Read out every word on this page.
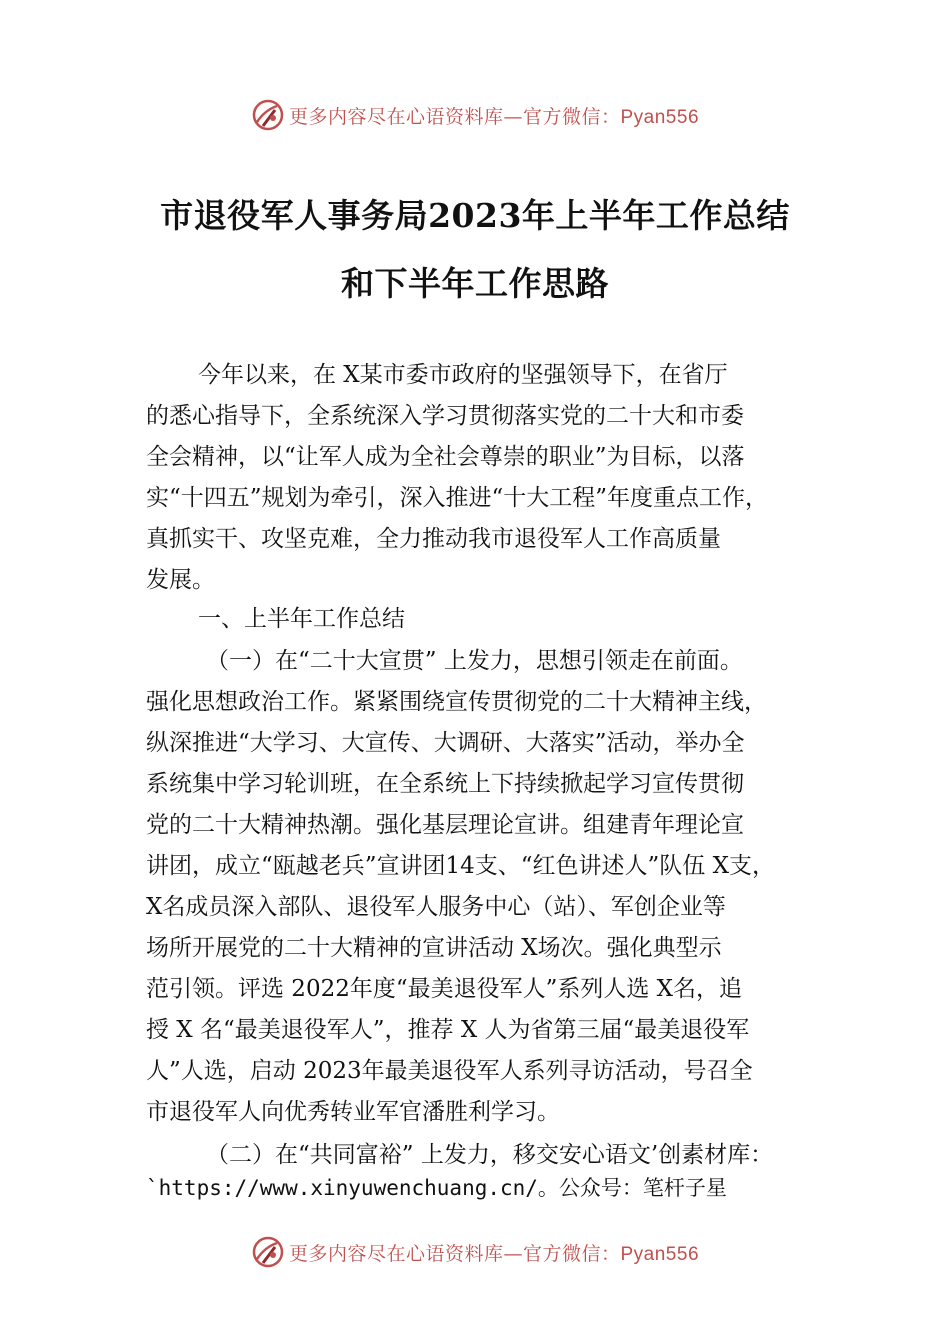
更多内容尽在心语资料库—官方微信：Pyan556
市退役军人事务局2023年上半年工作总结
和下半年工作思路
今年以来，在 X某市委市政府的坚强领导下，在省厅
的悉心指导下，全系统深入学习贯彻落实党的二十大和市委
全会精神，以“让军人成为全社会尊崇的职业”为目标，以落
实“十四五”规划为牵引，深入推进“十大工程”年度重点工作，
真抓实干、攻坚克难，全力推动我市退役军人工作高质量
发展。
一、上半年工作总结
（一）在“二十大宣贯” 上发力，思想引领走在前面。
强化思想政治工作。紧紧围绕宣传贯彻党的二十大精神主线，
纵深推进“大学习、大宣传、大调研、大落实”活动，举办全
系统集中学习轮训班，在全系统上下持续掀起学习宣传贯彻
党的二十大精神热潮。强化基层理论宣讲。组建青年理论宣
讲团，成立“瓯越老兵”宣讲团14支、“红色讲述人”队伍 X支，
X名成员深入部队、退役军人服务中心（站）、军创企业等
场所开展党的二十大精神的宣讲活动 X场次。强化典型示
范引领。评选 2022年度“最美退役军人”系列人选 X名，追
授 X 名“最美退役军人”，推荐 X 人为省第三届“最美退役军
人”人选，启动 2023年最美退役军人系列寻访活动，号召全
市退役军人向优秀转业军官潘胜利学习。
（二）在“共同富裕” 上发力，移交安心语文’创素材库：
`https://www.xinyuwenchuang.cn/。公众号：笔杆子星
更多内容尽在心语资料库—官方微信：Pyan556
